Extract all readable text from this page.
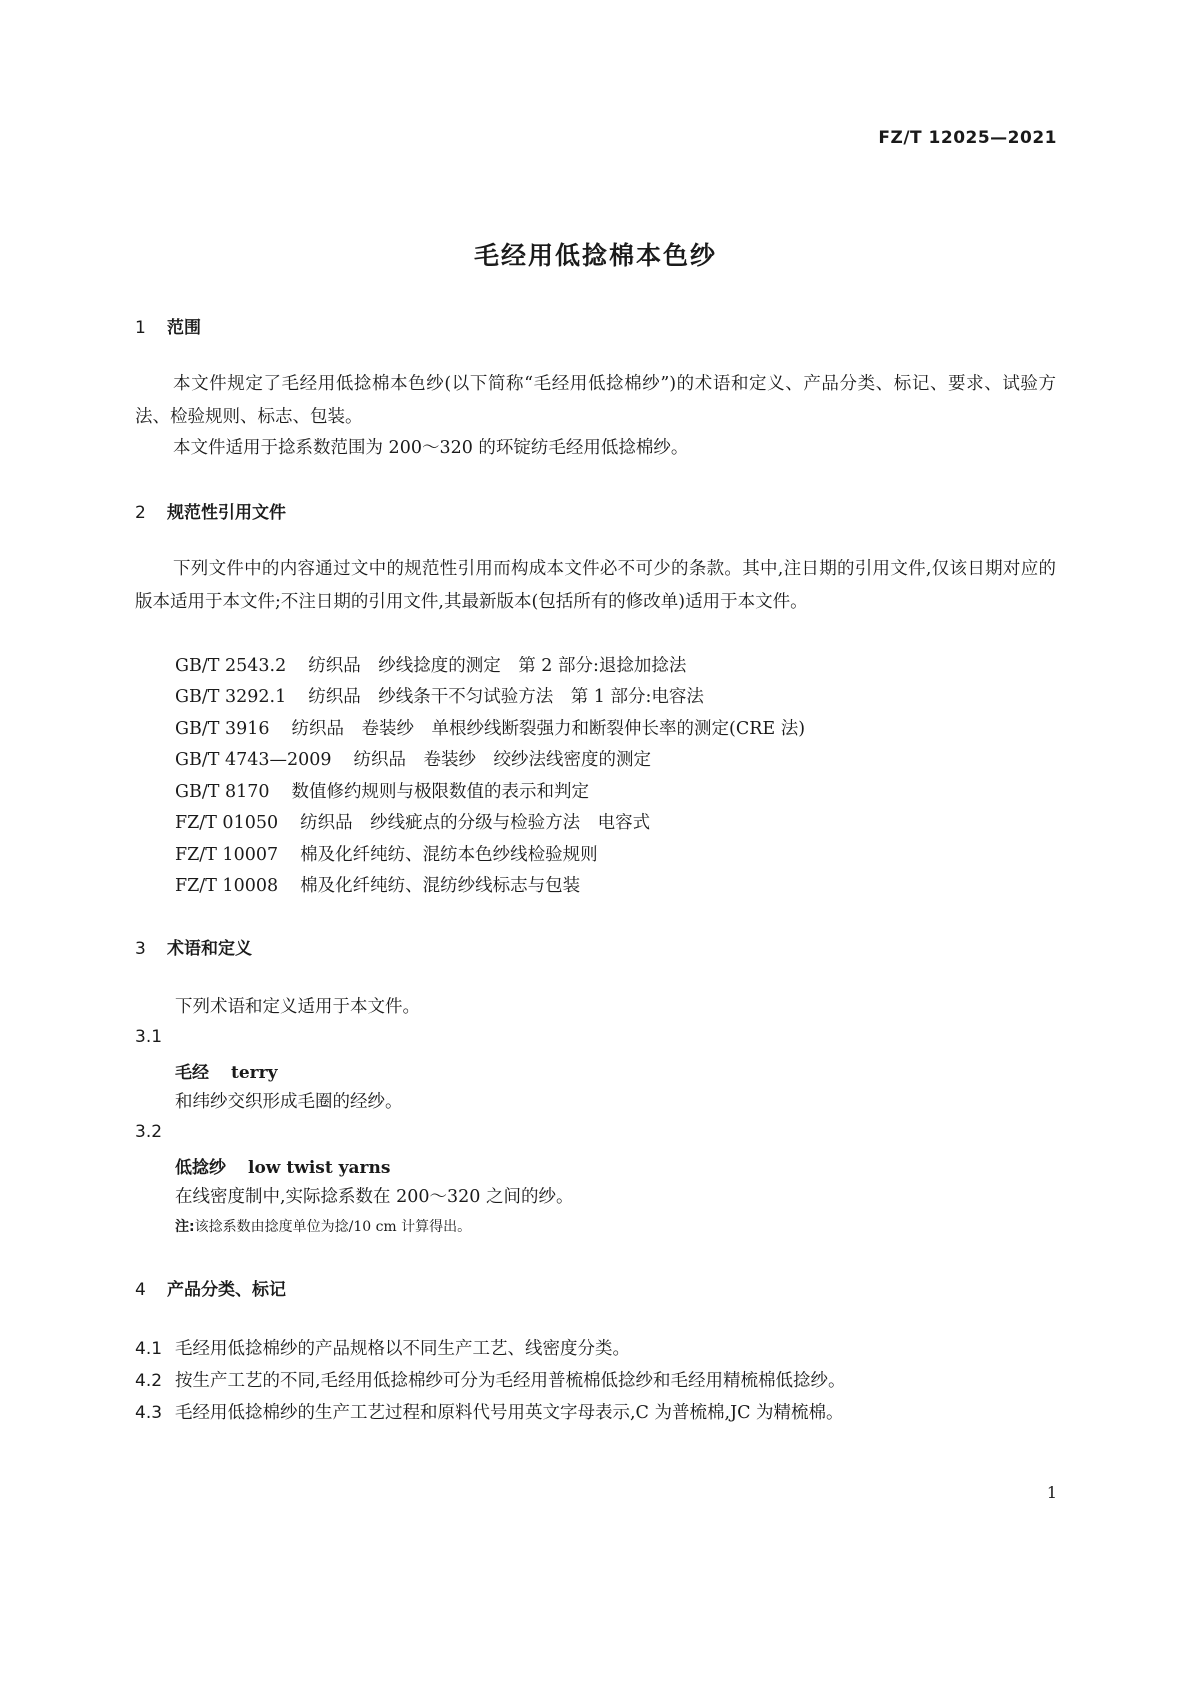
FZ/T 12025—2021
毛经用低捻棉本色纱
1 范围
本文件规定了毛经用低捻棉本色纱(以下简称“毛经用低捻棉纱”)的术语和定义、产品分类、标记、要求、试验方法、检验规则、标志、包装。
本文件适用于捻系数范围为 200～320 的环锭纺毛经用低捻棉纱。
2 规范性引用文件
下列文件中的内容通过文中的规范性引用而构成本文件必不可少的条款。其中,注日期的引用文件,仅该日期对应的版本适用于本文件;不注日期的引用文件,其最新版本(包括所有的修改单)适用于本文件。
GB/T 2543.2 纺织品　纱线捻度的测定　第 2 部分:退捻加捻法
GB/T 3292.1 纺织品　纱线条干不匀试验方法　第 1 部分:电容法
GB/T 3916 纺织品　卷装纱　单根纱线断裂强力和断裂伸长率的测定(CRE 法)
GB/T 4743—2009 纺织品　卷装纱　绞纱法线密度的测定
GB/T 8170 数值修约规则与极限数值的表示和判定
FZ/T 01050 纺织品　纱线疵点的分级与检验方法　电容式
FZ/T 10007 棉及化纤纯纺、混纺本色纱线检验规则
FZ/T 10008 棉及化纤纯纺、混纺纱线标志与包装
3 术语和定义
下列术语和定义适用于本文件。
3.1
毛经 terry
和纬纱交织形成毛圈的经纱。
3.2
低捻纱 low twist yarns
在线密度制中,实际捻系数在 200～320 之间的纱。
注:该捻系数由捻度单位为捻/10 cm 计算得出。
4 产品分类、标记
4.1 毛经用低捻棉纱的产品规格以不同生产工艺、线密度分类。
4.2 按生产工艺的不同,毛经用低捻棉纱可分为毛经用普梳棉低捻纱和毛经用精梳棉低捻纱。
4.3 毛经用低捻棉纱的生产工艺过程和原料代号用英文字母表示,C 为普梳棉,JC 为精梳棉。
1
